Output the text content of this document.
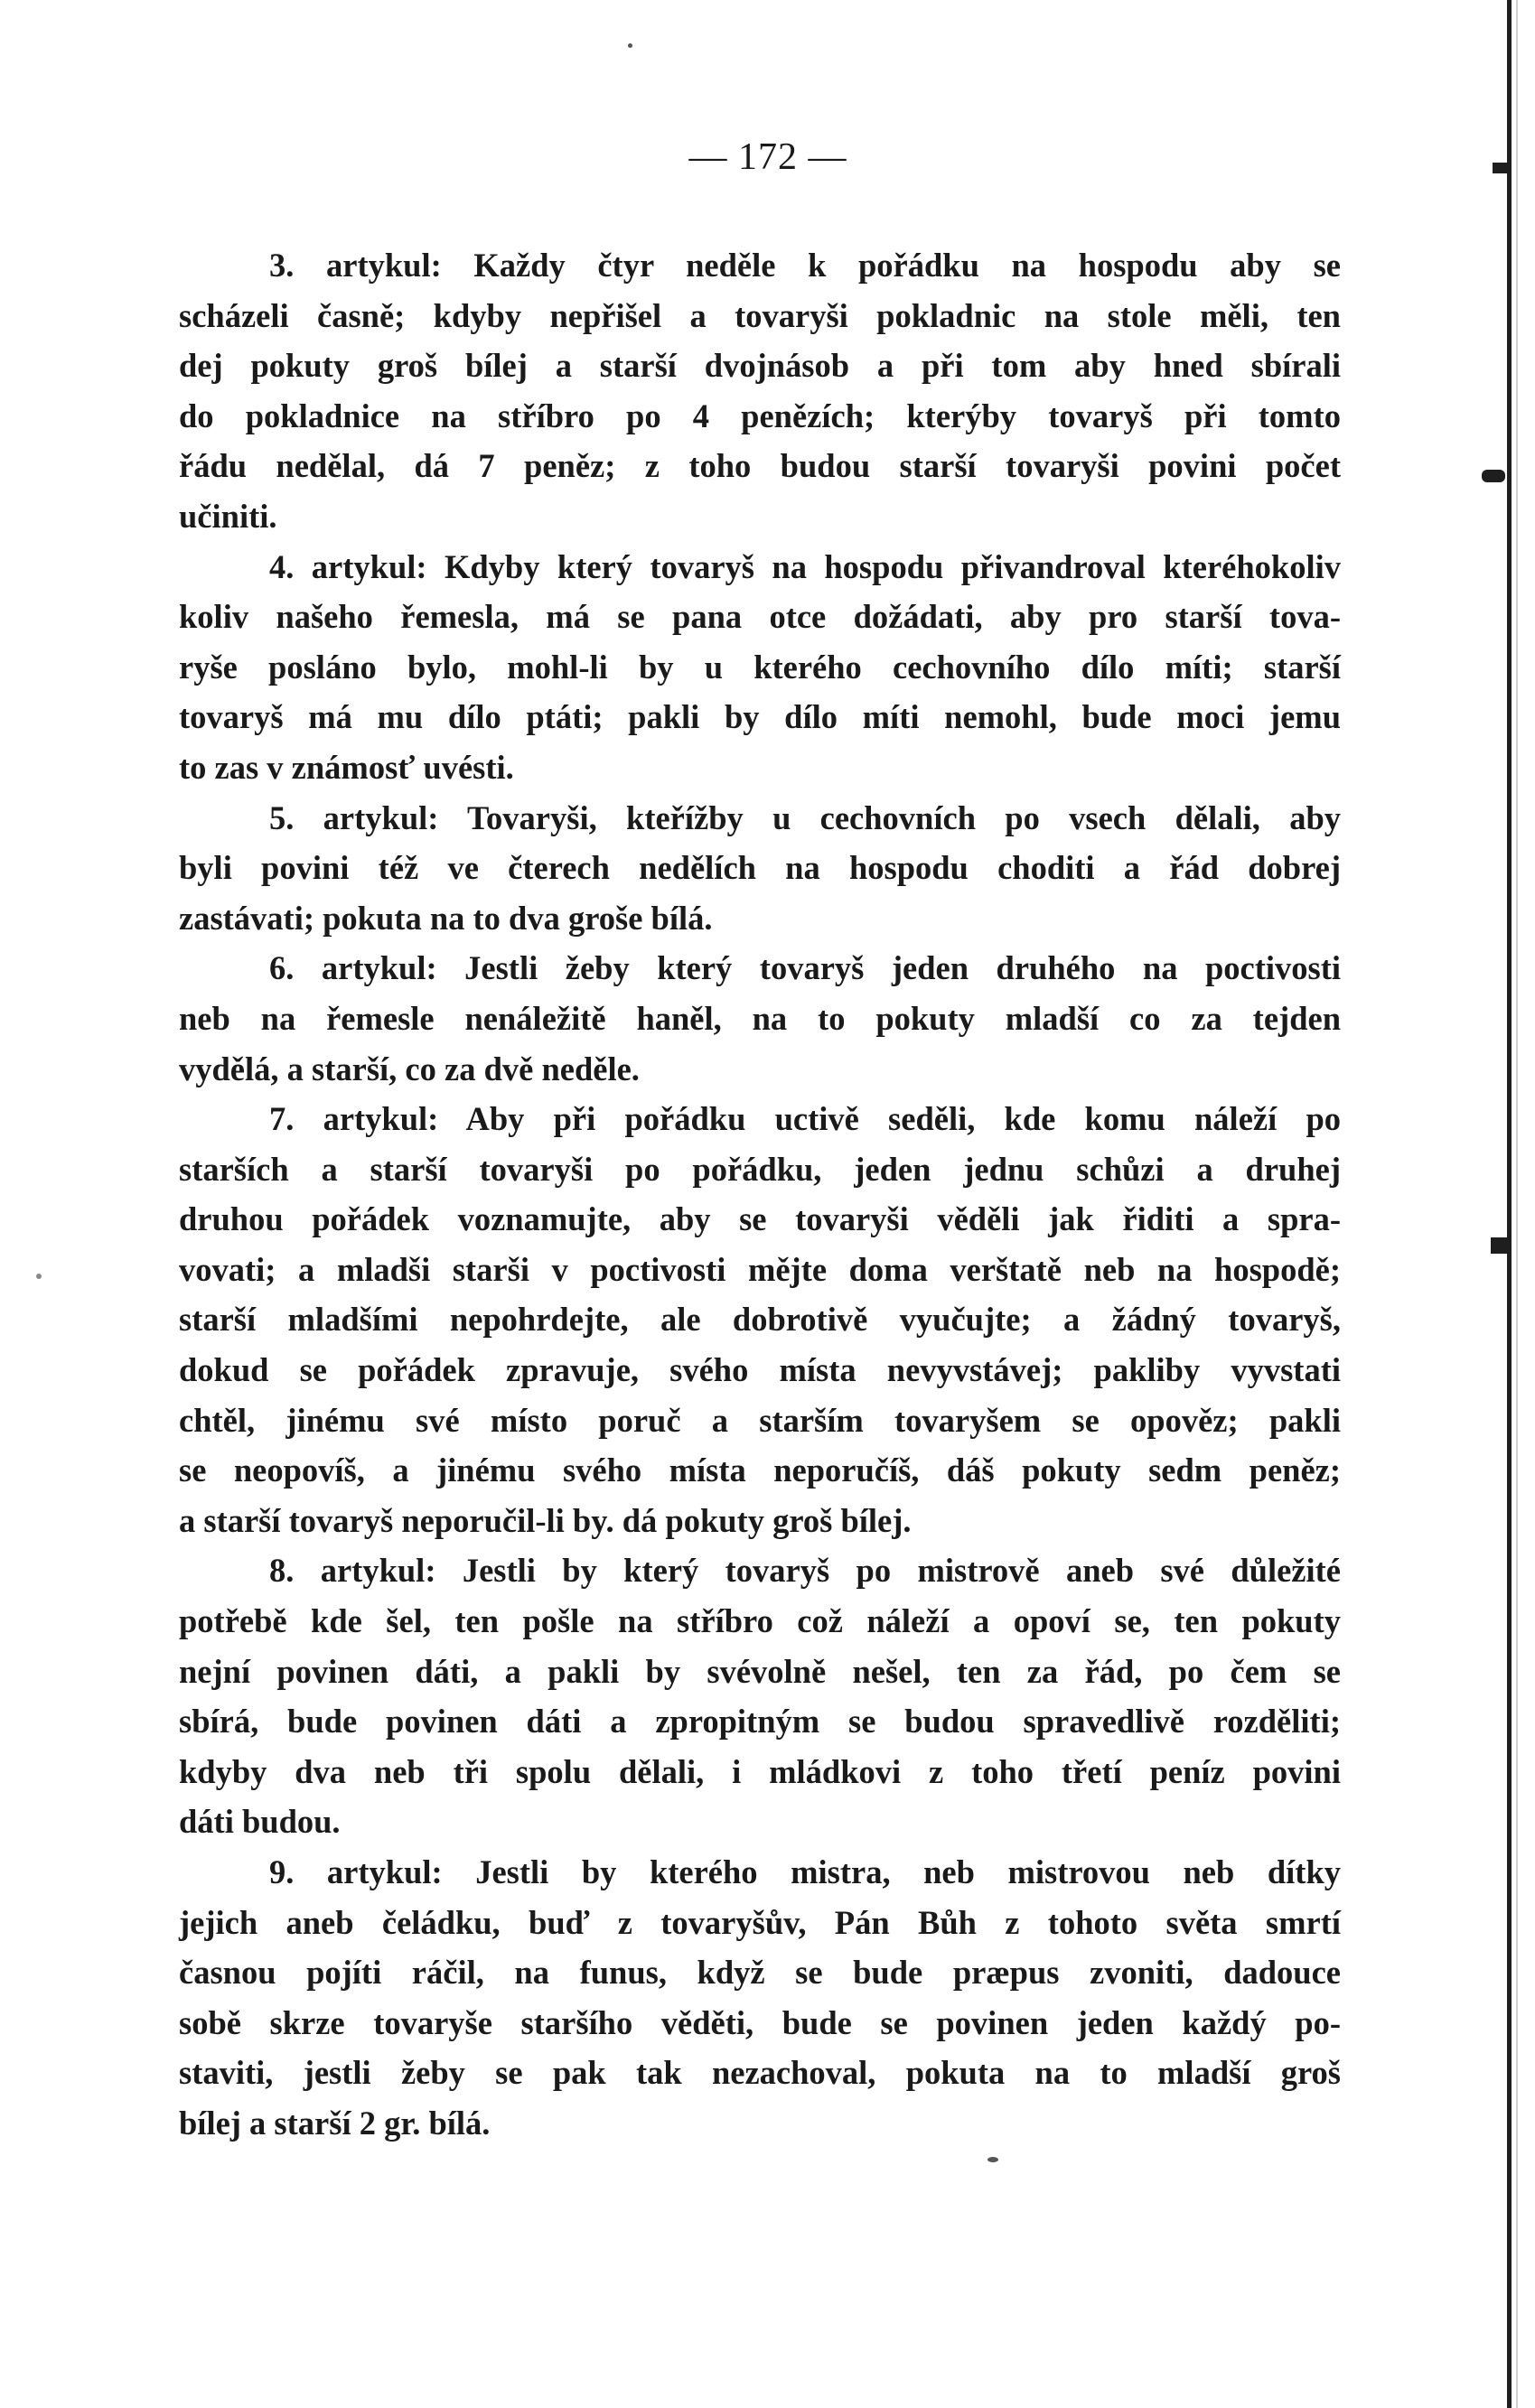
— 172 —
3. artykul: Každy čtyr neděle k pořádku na hospodu aby se
scházeli časně; kdyby nepřišel a tovaryši pokladnic na stole měli, ten
dej pokuty groš bílej a starší dvojnásob a při tom aby hned sbírali
do pokladnice na stříbro po 4 penězích; kterýby tovaryš při tomto
řádu nedělal, dá 7 peněz; z toho budou starší tovaryši povini počet
učiniti.
4. artykul: Kdyby který tovaryš na hospodu přivandroval kteréhokoliv
koliv našeho řemesla, má se pana otce dožádati, aby pro starší tova-
ryše posláno bylo, mohl-li by u kterého cechovního dílo míti; starší
tovaryš má mu dílo ptáti; pakli by dílo míti nemohl, bude moci jemu
to zas v známosť uvésti.
5. artykul: Tovaryši, kteřížby u cechovních po vsech dělali, aby
byli povini též ve čterech nedělích na hospodu choditi a řád dobrej
zastávati; pokuta na to dva groše bílá.
6. artykul: Jestli žeby který tovaryš jeden druhého na poctivosti
neb na řemesle nenáležitě haněl, na to pokuty mladší co za tejden
vydělá, a starší, co za dvě neděle.
7. artykul: Aby při pořádku uctivě seděli, kde komu náleží po
starších a starší tovaryši po pořádku, jeden jednu schůzi a druhej
druhou pořádek voznamujte, aby se tovaryši věděli jak řiditi a spra-
vovati; a mladši starši v poctivosti mějte doma verštatě neb na hospodě;
starší mladšími nepohrdejte, ale dobrotivě vyučujte; a žádný tovaryš,
dokud se pořádek zpravuje, svého místa nevyvstávej; pakliby vyvstati
chtěl, jinému své místo poruč a starším tovaryšem se opověz; pakli
se neopovíš, a jinému svého místa neporučíš, dáš pokuty sedm peněz;
a starší tovaryš neporučil-li by. dá pokuty groš bílej.
8. artykul: Jestli by který tovaryš po mistrově aneb své důležité
potřebě kde šel, ten pošle na stříbro což náleží a opoví se, ten pokuty
nejní povinen dáti, a pakli by svévolně nešel, ten za řád, po čem se
sbírá, bude povinen dáti a zpropitným se budou spravedlivě rozděliti;
kdyby dva neb tři spolu dělali, i mládkovi z toho třetí peníz povini
dáti budou.
9. artykul: Jestli by kterého mistra, neb mistrovou neb dítky
jejich aneb čeládku, buď z tovaryšův, Pán Bůh z tohoto světa smrtí
časnou pojíti ráčil, na funus, když se bude præpus zvoniti, dadouce
sobě skrze tovaryše staršího věděti, bude se povinen jeden každý po-
staviti, jestli žeby se pak tak nezachoval, pokuta na to mladší groš
bílej a starší 2 gr. bílá.
